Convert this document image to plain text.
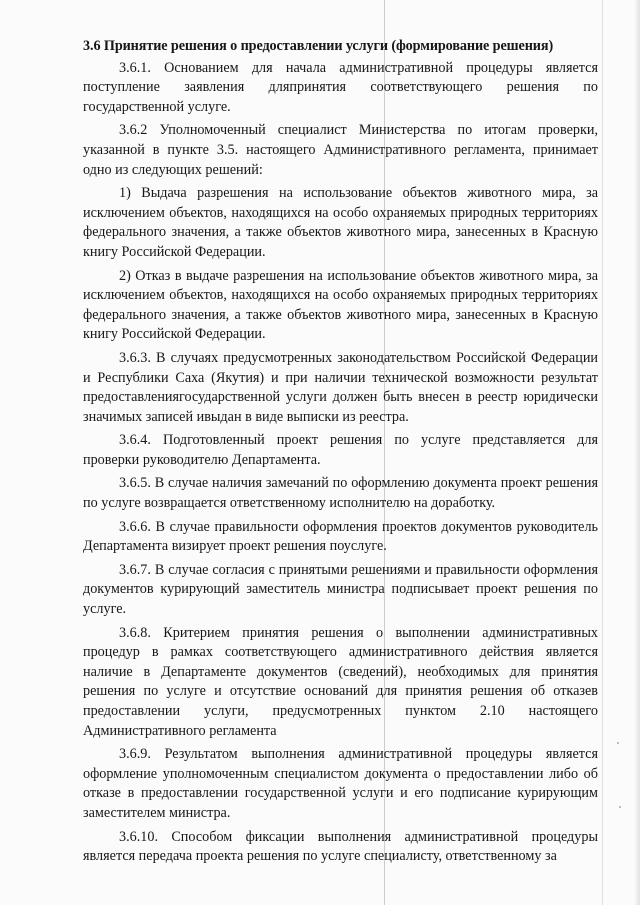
3.6 Принятие решения о предоставлении услуги (формирование решения)

3.6.1. Основанием для начала административной процедуры является поступление заявления дляпринятия соответствующего решения по государственной услуге.

3.6.2 Уполномоченный специалист Министерства по итогам проверки, указанной в пункте 3.5. настоящего Административного регламента, принимает одно из следующих решений:

1) Выдача разрешения на использование объектов животного мира, за исключением объектов, находящихся на особо охраняемых природных территориях федерального значения, а также объектов животного мира, занесенных в Красную книгу Российской Федерации.

2) Отказ в выдаче разрешения на использование объектов животного мира, за исключением объектов, находящихся на особо охраняемых природных территориях федерального значения, а также объектов животного мира, занесенных в Красную книгу Российской Федерации.

3.6.3. В случаях предусмотренных законодательством Российской Федерации и Республики Саха (Якутия) и при наличии технической возможности результат предоставлениягосударственной услуги должен быть внесен в реестр юридически значимых записей ивыдан в виде выписки из реестра.

3.6.4. Подготовленный проект решения по услуге представляется для проверки руководителю Департамента.

3.6.5. В случае наличия замечаний по оформлению документа проект решения по услуге возвращается ответственному исполнителю на доработку.

3.6.6. В случае правильности оформления проектов документов руководитель Департамента визирует проект решения поуслуге.

3.6.7. В случае согласия с принятыми решениями и правильности оформления документов курирующий заместитель министра подписывает проект решения по услуге.

3.6.8. Критерием принятия решения о выполнении административных процедур в рамках соответствующего административного действия является наличие в Департаменте документов (сведений), необходимых для принятия решения по услуге и отсутствие оснований для принятия решения об отказев предоставлении услуги, предусмотренных пунктом 2.10 настоящего Административного регламента

3.6.9. Результатом выполнения административной процедуры является оформление уполномоченным специалистом документа о предоставлении либо об отказе в предоставлении государственной услуги и его подписание курирующим заместителем министра.

3.6.10. Способом фиксации выполнения административной процедуры является передача проекта решения по услуге специалисту, ответственному за
